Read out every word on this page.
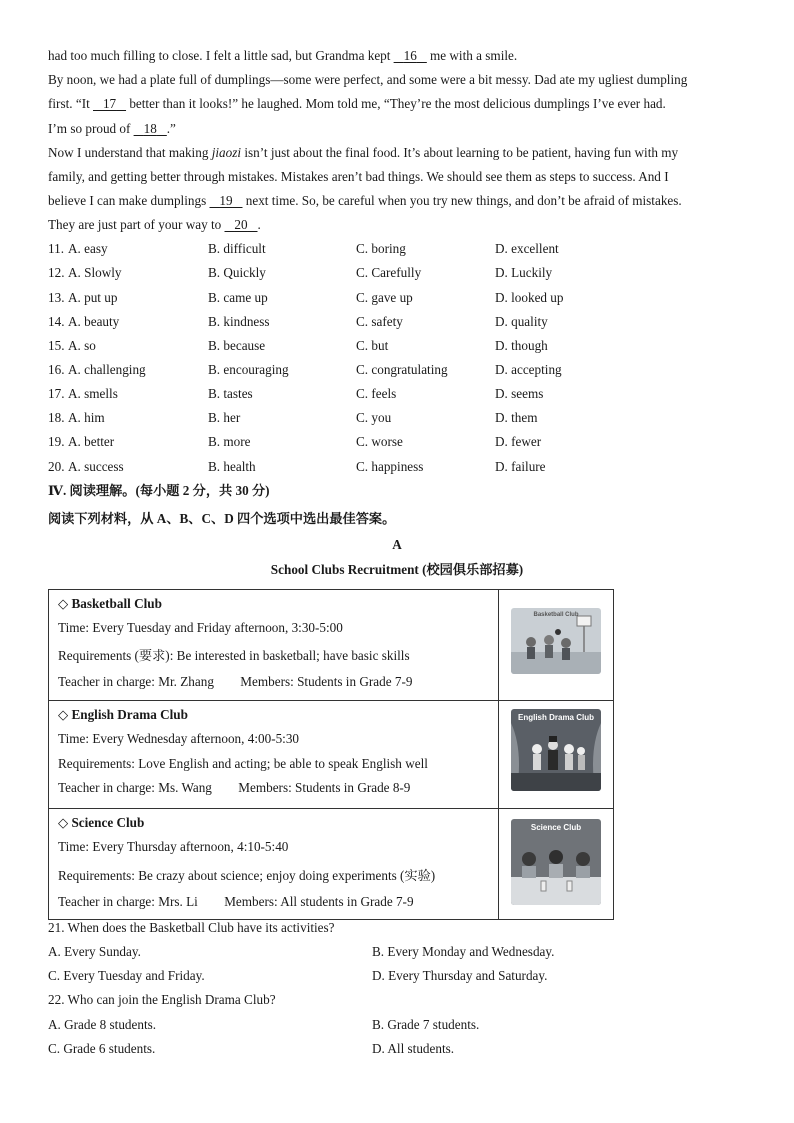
had too much filling to close. I felt a little sad, but Grandma kept 16 me with a smile.
By noon, we had a plate full of dumplings—some were perfect, and some were a bit messy. Dad ate my ugliest dumpling
first. “It 17 better than it looks!” he laughed. Mom told me, “They’re the most delicious dumplings I’ve ever had.
I’m so proud of 18 .”
Now I understand that making jiaozi isn’t just about the final food. It’s about learning to be patient, having fun with my
family, and getting better through mistakes. Mistakes aren’t bad things. We should see them as steps to success. And I
believe I can make dumplings 19 next time. So, be careful when you try new things, and don’t be afraid of mistakes.
They are just part of your way to 20 .
11. A. easy	B. difficult	C. boring	D. excellent
12. A. Slowly	B. Quickly	C. Carefully	D. Luckily
13. A. put up	B. came up	C. gave up	D. looked up
14. A. beauty	B. kindness	C. safety	D. quality
15. A. so	B. because	C. but	D. though
16. A. challenging	B. encouraging	C. congratulating	D. accepting
17. A. smells	B. tastes	C. feels	D. seems
18. A. him	B. her	C. you	D. them
19. A. better	B. more	C. worse	D. fewer
20. A. success	B. health	C. happiness	D. failure
Ⅳ. 阅读理解。(每小题 2 分，共 30 分)
阅读下列材料，从 A、B、C、D 四个选项中选出最佳答案。
A
School Clubs Recruitment (校园俱乐部招募)
◇ Basketball Club
Time: Every Tuesday and Friday afternoon, 3:30-5:00
Requirements (要求): Be interested in basketball; have basic skills
Teacher in charge: Mr. Zhang Members: Students in Grade 7-9	Basketball Club

◇ English Drama Club
Time: Every Wednesday afternoon, 4:00-5:30
Requirements: Love English and acting; be able to speak English well
Teacher in charge: Ms. Wang Members: Students in Grade 8-9	English Drama Club

◇ Science Club
Time: Every Thursday afternoon, 4:10-5:40
Requirements: Be crazy about science; enjoy doing experiments (实验)
Teacher in charge: Mrs. Li Members: All students in Grade 7-9	Science Club
21. When does the Basketball Club have its activities?
A. Every Sunday.	B. Every Monday and Wednesday.
C. Every Tuesday and Friday.	D. Every Thursday and Saturday.
22. Who can join the English Drama Club?
A. Grade 8 students.	B. Grade 7 students.
C. Grade 6 students.	D. All students.
